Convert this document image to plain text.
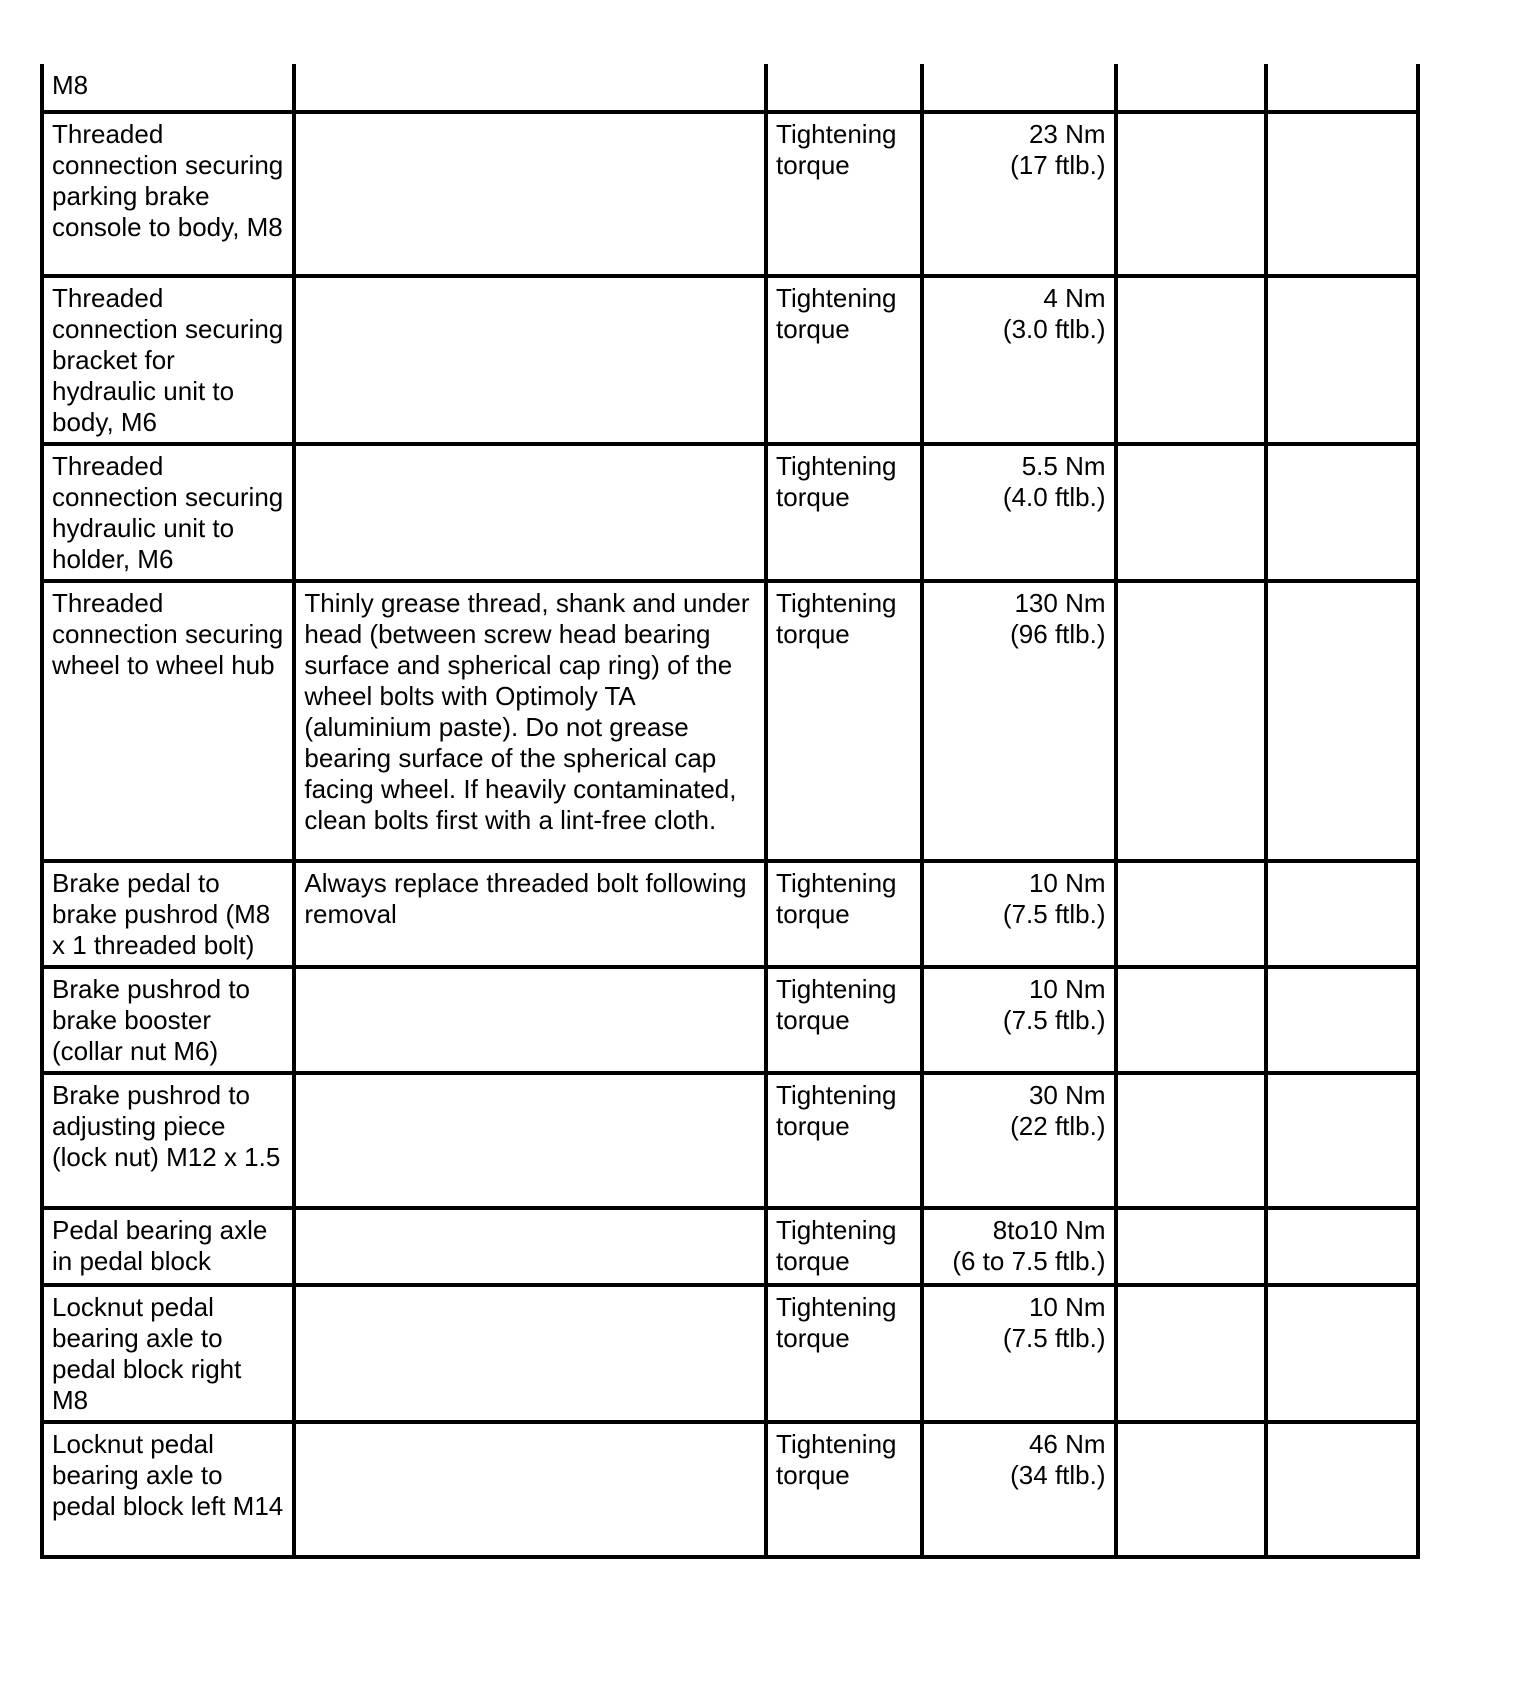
M8					
Threaded connection securing parking brake console to body, M8		Tightening torque	23 Nm
(17 ftlb.)		
Threaded connection securing bracket for hydraulic unit to body, M6		Tightening torque	4 Nm
(3.0 ftlb.)		
Threaded connection securing hydraulic unit to holder, M6		Tightening torque	5.5 Nm
(4.0 ftlb.)		
Threaded connection securing wheel to wheel hub	Thinly grease thread, shank and under head (between screw head bearing surface and spherical cap ring) of the wheel bolts with Optimoly TA (aluminium paste). Do not grease bearing surface of the spherical cap facing wheel. If heavily contaminated, clean bolts first with a lint-free cloth.	Tightening torque	130 Nm
(96 ftlb.)		
Brake pedal to brake pushrod (M8 x 1 threaded bolt)	Always replace threaded bolt following removal	Tightening torque	10 Nm
(7.5 ftlb.)		
Brake pushrod to brake booster (collar nut M6)		Tightening torque	10 Nm
(7.5 ftlb.)		
Brake pushrod to adjusting piece (lock nut) M12 x 1.5		Tightening torque	30 Nm
(22 ftlb.)		
Pedal bearing axle in pedal block		Tightening torque	8to10 Nm
(6 to 7.5 ftlb.)		
Locknut pedal bearing axle to pedal block right M8		Tightening torque	10 Nm
(7.5 ftlb.)		
Locknut pedal bearing axle to pedal block left M14		Tightening torque	46 Nm
(34 ftlb.)		
